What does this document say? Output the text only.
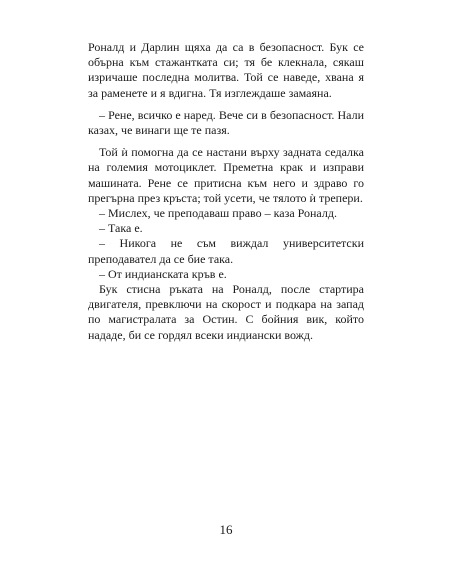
Роналд и Дарлин щяха да са в безопасност. Бук се обърна към стажантката си; тя бе клекнала, сякаш изричаше последна молитва. Той се наведе, хвана я за раменете и я вдигна. Тя изглеждаше замаяна.

– Рене, всичко е наред. Вече си в безопасност. Нали казах, че винаги ще те пазя.

Той ѝ помогна да се настани върху задната седалка на големия мотоциклет. Преметна крак и изправи машината. Рене се притисна към него и здраво го прегърна през кръста; той усети, че тялото ѝ трепери.

– Мислех, че преподаваш право – каза Роналд.

– Така е.

– Никога не съм виждал университетски преподавател да се бие така.

– От индианската кръв е.

Бук стисна ръката на Роналд, после стартира двигателя, превключи на скорост и подкара на запад по магистралата за Остин. С бойния вик, който нададе, би се гордял всеки индиански вожд.

16
